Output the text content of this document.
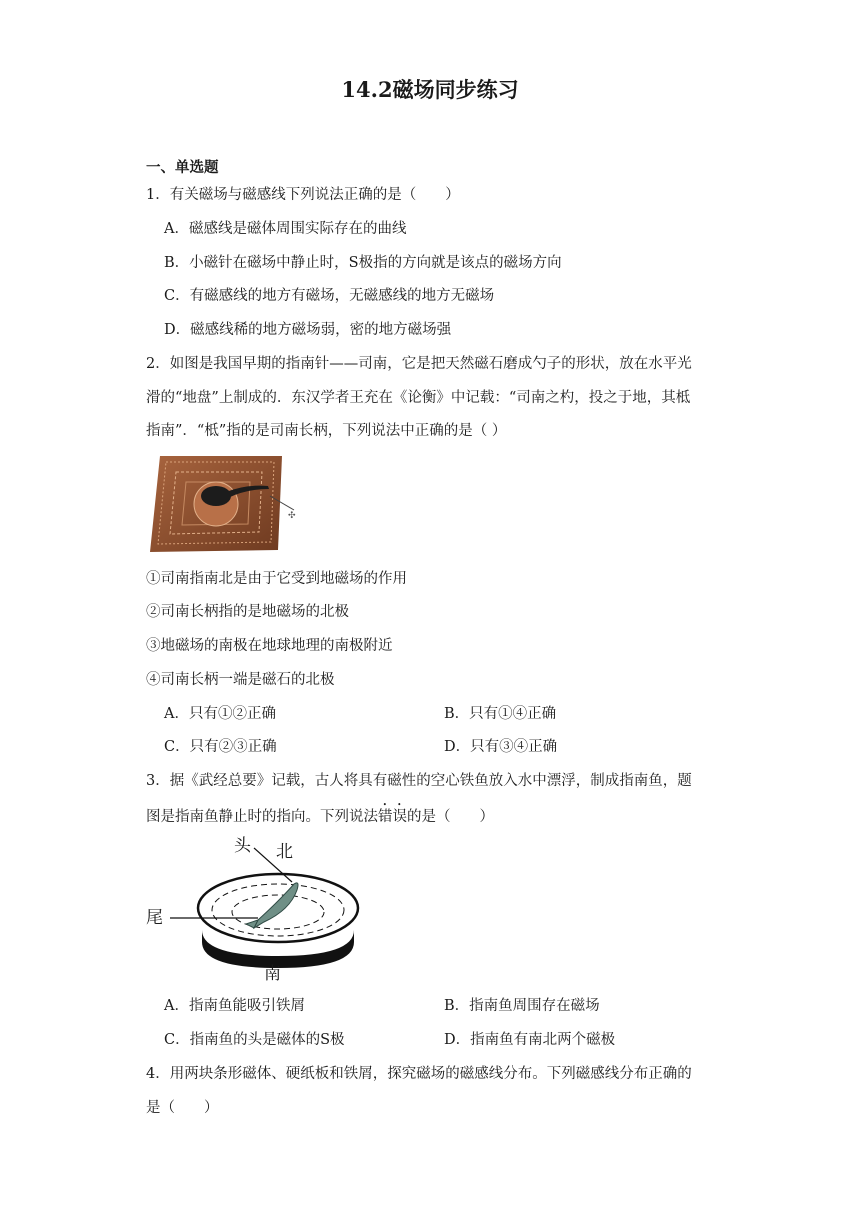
14.2磁场同步练习
一、单选题
1．有关磁场与磁感线下列说法正确的是（　　）
A．磁感线是磁体周围实际存在的曲线
B．小磁针在磁场中静止时，S极指的方向就是该点的磁场方向
C．有磁感线的地方有磁场，无磁感线的地方无磁场
D．磁感线稀的地方磁场弱，密的地方磁场强
2．如图是我国早期的指南针——司南，它是把天然磁石磨成勺子的形状，放在水平光
滑的“地盘”上制成的．东汉学者王充在《论衡》中记载：“司南之杓，投之于地，其柢
指南”．“柢”指的是司南长柄，下列说法中正确的是（ ）
✣
①司南指南北是由于它受到地磁场的作用
②司南长柄指的是地磁场的北极
③地磁场的南极在地球地理的南极附近
④司南长柄一端是磁石的北极
A．只有①②正确	B．只有①④正确
C．只有②③正确	D．只有③④正确
3．据《武经总要》记载，古人将具有磁性的空心铁鱼放入水中漂浮，制成指南鱼，题
图是指南鱼静止时的指向。下列说法错误的是（　　）
头 北
尾
南
A．指南鱼能吸引铁屑	B．指南鱼周围存在磁场
C．指南鱼的头是磁体的S极	D．指南鱼有南北两个磁极
4．用两块条形磁体、硬纸板和铁屑，探究磁场的磁感线分布。下列磁感线分布正确的
是（　　）
